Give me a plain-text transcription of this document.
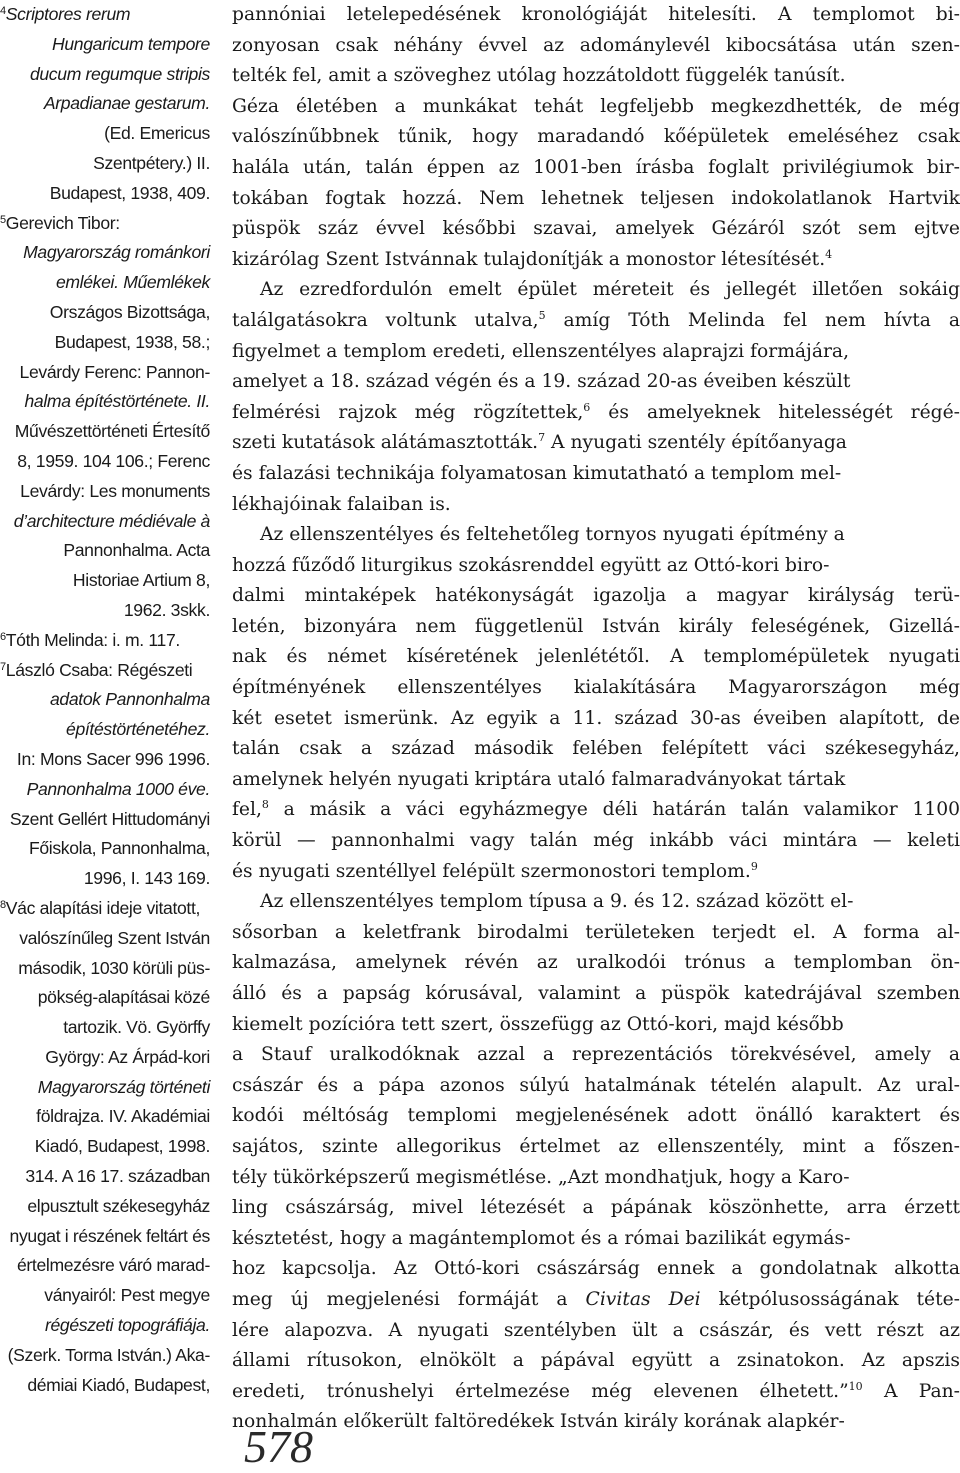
$^4$Scriptores rerum
Hungaricum tempore
ducum regumque stripis
Arpadianae gestarum.
(Ed. Emericus
Szentpétery.) II.
Budapest, 1938, 409.
$^5$Gerevich Tibor:
Magyarország románkori
emlékei. Műemlékek
Országos Bizottsága,
Budapest, 1938, 58.;
Levárdy Ferenc: Pannon-
halma építéstörténete. II.
Művészettörténeti Értesítő
8, 1959. 104 106.; Ferenc
Levárdy: Les monuments
d’architecture médiévale à
Pannonhalma. Acta
Historiae Artium 8,
1962. 3skk.
$^6$Tóth Melinda: i. m. 117.
$^7$László Csaba: Régészeti
adatok Pannonhalma
építéstörténetéhez.
In: Mons Sacer 996 1996.
Pannonhalma 1000 éve.
Szent Gellért Hittudományi
Főiskola, Pannonhalma,
1996, I. 143 169.
$^8$Vác alapítási ideje vitatott,
valószínűleg Szent István
második, 1030 körüli püs-
pökség-alapításai közé
tartozik. Vö. Györffy
György: Az Árpád-kori
Magyarország történeti
földrajza. IV. Akadémiai
Kiadó, Budapest, 1998.
314. A 16 17. században
elpusztult székesegyház
nyugat i részének feltárt és
értelmezésre váró marad-
ványairól: Pest megye
régészeti topográfiája.
(Szerk. Torma István.) Aka-
démiai Kiadó, Budapest,
pannóniai letelepedésének kronológiáját hitelesíti. A templomot bi-
zonyosan csak néhány évvel az adománylevél kibocsátása után szen-
telték fel, amit a szöveghez utólag hozzátoldott függelék tanúsít.
Géza életében a munkákat tehát legfeljebb megkezdhették, de még
valószínűbbnek tűnik, hogy maradandó kőépületek emeléséhez csak
halála után, talán éppen az 1001-ben írásba foglalt privilégiumok bir-
tokában fogtak hozzá. Nem lehetnek teljesen indokolatlanok Hartvik
püspök száz évvel későbbi szavai, amelyek Gézáról szót sem ejtve
kizárólag Szent Istvánnak tulajdonítják a monostor létesítését.$^4$
Az ezredfordulón emelt épület méreteit és jellegét illetően sokáig
találgatásokra voltunk utalva,$^5$ amíg Tóth Melinda fel nem hívta a
figyelmet a templom eredeti, ellenszentélyes alaprajzi formájára,
amelyet a 18. század végén és a 19. század 20-as éveiben készült
felmérési rajzok még rögzítettek,$^6$ és amelyeknek hitelességét régé-
szeti kutatások alátámasztották.$^7$ A nyugati szentély építőanyaga
és falazási technikája folyamatosan kimutatható a templom mel-
lékhajóinak falaiban is.
Az ellenszentélyes és feltehetőleg tornyos nyugati építmény a
hozzá fűződő liturgikus szokásrenddel együtt az Ottó-kori biro-
dalmi mintaképek hatékonyságát igazolja a magyar királyság terü-
letén, bizonyára nem függetlenül István király feleségének, Gizellá-
nak és német kíséretének jelenlététől. A templomépületek nyugati
építményének ellenszentélyes kialakítására Magyarországon még
két esetet ismerünk. Az egyik a 11. század 30-as éveiben alapított, de
talán csak a század második felében felépített váci székesegyház,
amelynek helyén nyugati kriptára utaló falmaradványokat tártak
fel,$^8$ a másik a váci egyházmegye déli határán talán valamikor 1100
körül — pannonhalmi vagy talán még inkább váci mintára — keleti
és nyugati szentéllyel felépült szermonostori templom.$^9$
Az ellenszentélyes templom típusa a 9. és 12. század között el-
sősorban a keletfrank birodalmi területeken terjedt el. A forma al-
kalmazása, amelynek révén az uralkodói trónus a templomban ön-
álló és a papság kórusával, valamint a püspök katedrájával szemben
kiemelt pozícióra tett szert, összefügg az Ottó-kori, majd később
a Stauf uralkodóknak azzal a reprezentációs törekvésével, amely a
császár és a pápa azonos súlyú hatalmának tételén alapult. Az ural-
kodói méltóság templomi megjelenésének adott önálló karaktert és
sajátos, szinte allegorikus értelmet az ellenszentély, mint a főszen-
tély tükörképszerű megismétlése. „Azt mondhatjuk, hogy a Karo-
ling császárság, mivel létezését a pápának köszönhette, arra érzett
késztetést, hogy a magántemplomot és a római bazilikát egymás-
hoz kapcsolja. Az Ottó-kori császárság ennek a gondolatnak alkotta
meg új megjelenési formáját a Civitas Dei kétpólusosságának téte-
lére alapozva. A nyugati szentélyben ült a császár, és vett részt az
állami rítusokon, elnökölt a pápával együtt a zsinatokon. Az apszis
eredeti, trónushelyi értelmezése még elevenen élhetett.”$^{10}$ A Pan-
nonhalmán előkerült faltöredékek István király korának alapkér-
578
